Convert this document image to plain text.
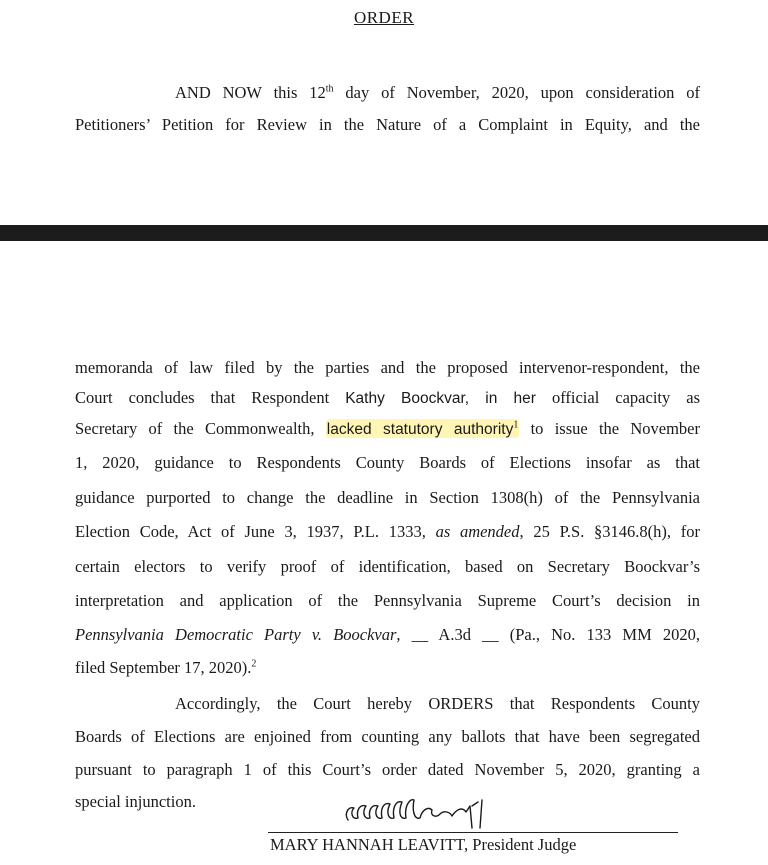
ORDER
AND NOW this 12th day of November, 2020, upon consideration of
Petitioners’ Petition for Review in the Nature of a Complaint in Equity, and the
memoranda of law filed by the parties and the proposed intervenor-respondent, the
Court concludes that Respondent Kathy Boockvar, in her official capacity as
Secretary of the Commonwealth, lacked statutory authority$^1$ to issue the November
1, 2020, guidance to Respondents County Boards of Elections insofar as that
guidance purported to change the deadline in Section 1308(h) of the Pennsylvania
Election Code, Act of June 3, 1937, P.L. 1333, as amended, 25 P.S. §3146.8(h), for
certain electors to verify proof of identification, based on Secretary Boockvar’s
interpretation and application of the Pennsylvania Supreme Court’s decision in
Pennsylvania Democratic Party v. Boockvar, __ A.3d __ (Pa., No. 133 MM 2020,
filed September 17, 2020).$^2$
Accordingly, the Court hereby ORDERS that Respondents County
Boards of Elections are enjoined from counting any ballots that have been segregated
pursuant to paragraph 1 of this Court’s order dated November 5, 2020, granting a
special injunction.
MARY HANNAH LEAVITT, President Judge
